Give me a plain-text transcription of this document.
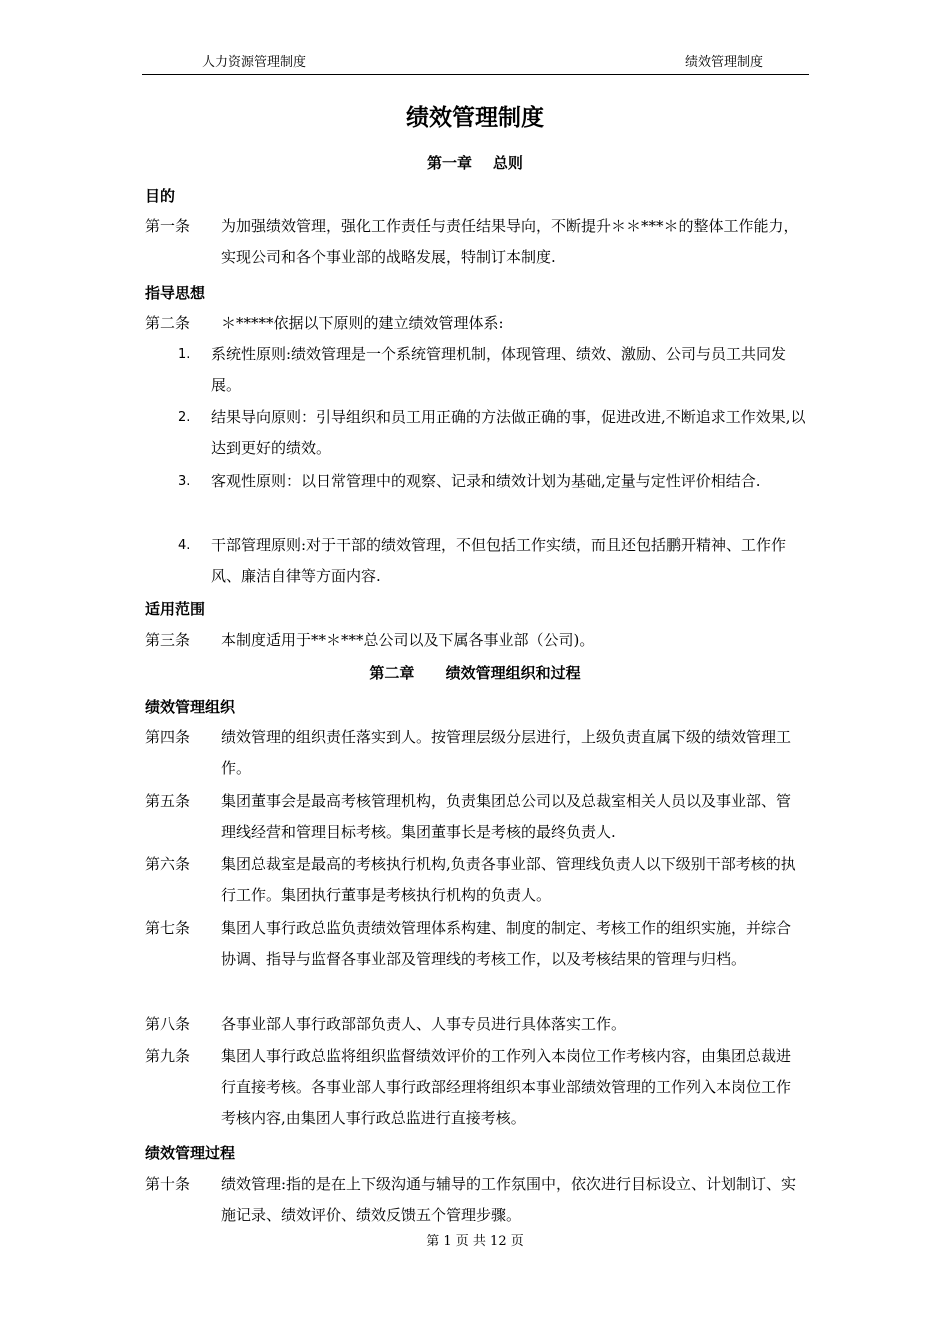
人力资源管理制度	绩效管理制度
绩效管理制度
第一章    总则
目的
第一条 为加强绩效管理，强化工作责任与责任结果导向，不断提升＊＊***＊的整体工作能力，实现公司和各个事业部的战略发展，特制订本制度.
指导思想
第二条 ＊*****依据以下原则的建立绩效管理体系:
1. 系统性原则:绩效管理是一个系统管理机制，体现管理、绩效、激励、公司与员工共同发展。
2. 结果导向原则：引导组织和员工用正确的方法做正确的事，促进改进,不断追求工作效果,以达到更好的绩效。
3. 客观性原则：以日常管理中的观察、记录和绩效计划为基础,定量与定性评价相结合.
4. 干部管理原则:对于干部的绩效管理，不但包括工作实绩，而且还包括鹏开精神、工作作风、廉洁自律等方面内容.
适用范围
第三条 本制度适用于**＊***总公司以及下属各事业部（公司)。
第二章      绩效管理组织和过程
绩效管理组织
第四条 绩效管理的组织责任落实到人。按管理层级分层进行，上级负责直属下级的绩效管理工作。
第五条 集团董事会是最高考核管理机构，负责集团总公司以及总裁室相关人员以及事业部、管理线经营和管理目标考核。集团董事长是考核的最终负责人.
第六条 集团总裁室是最高的考核执行机构,负责各事业部、管理线负责人以下级别干部考核的执行工作。集团执行董事是考核执行机构的负责人。
第七条 集团人事行政总监负责绩效管理体系构建、制度的制定、考核工作的组织实施，并综合协调、指导与监督各事业部及管理线的考核工作，以及考核结果的管理与归档。
第八条 各事业部人事行政部部负责人、人事专员进行具体落实工作。
第九条 集团人事行政总监将组织监督绩效评价的工作列入本岗位工作考核内容，由集团总裁进行直接考核。各事业部人事行政部经理将组织本事业部绩效管理的工作列入本岗位工作考核内容,由集团人事行政总监进行直接考核。
绩效管理过程
第十条 绩效管理:指的是在上下级沟通与辅导的工作氛围中，依次进行目标设立、计划制订、实施记录、绩效评价、绩效反馈五个管理步骤。
第 1 页 共 12 页
